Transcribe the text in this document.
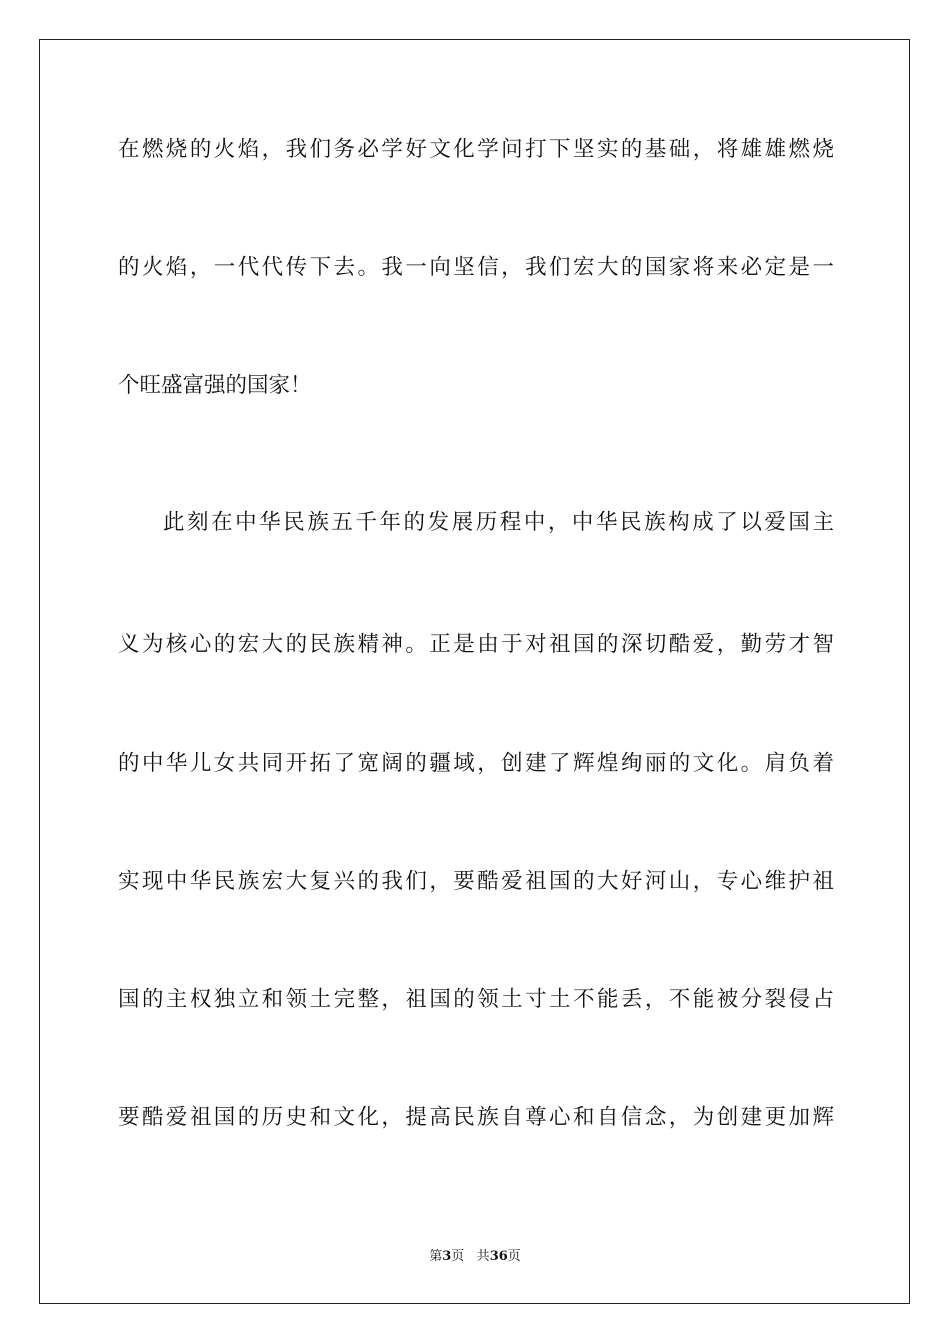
在燃烧的火焰，我们务必学好文化学问打下坚实的基础，将雄雄燃烧
的火焰，一代代传下去。我一向坚信，我们宏大的国家将来必定是一
个旺盛富强的国家！
此刻在中华民族五千年的发展历程中，中华民族构成了以爱国主
义为核心的宏大的民族精神。正是由于对祖国的深切酷爱，勤劳才智
的中华儿女共同开拓了宽阔的疆域，创建了辉煌绚丽的文化。肩负着
实现中华民族宏大复兴的我们，要酷爱祖国的大好河山，专心维护祖
国的主权独立和领土完整，祖国的领土寸土不能丢，不能被分裂侵占
要酷爱祖国的历史和文化，提高民族自尊心和自信念，为创建更加辉
第3页 共36页
